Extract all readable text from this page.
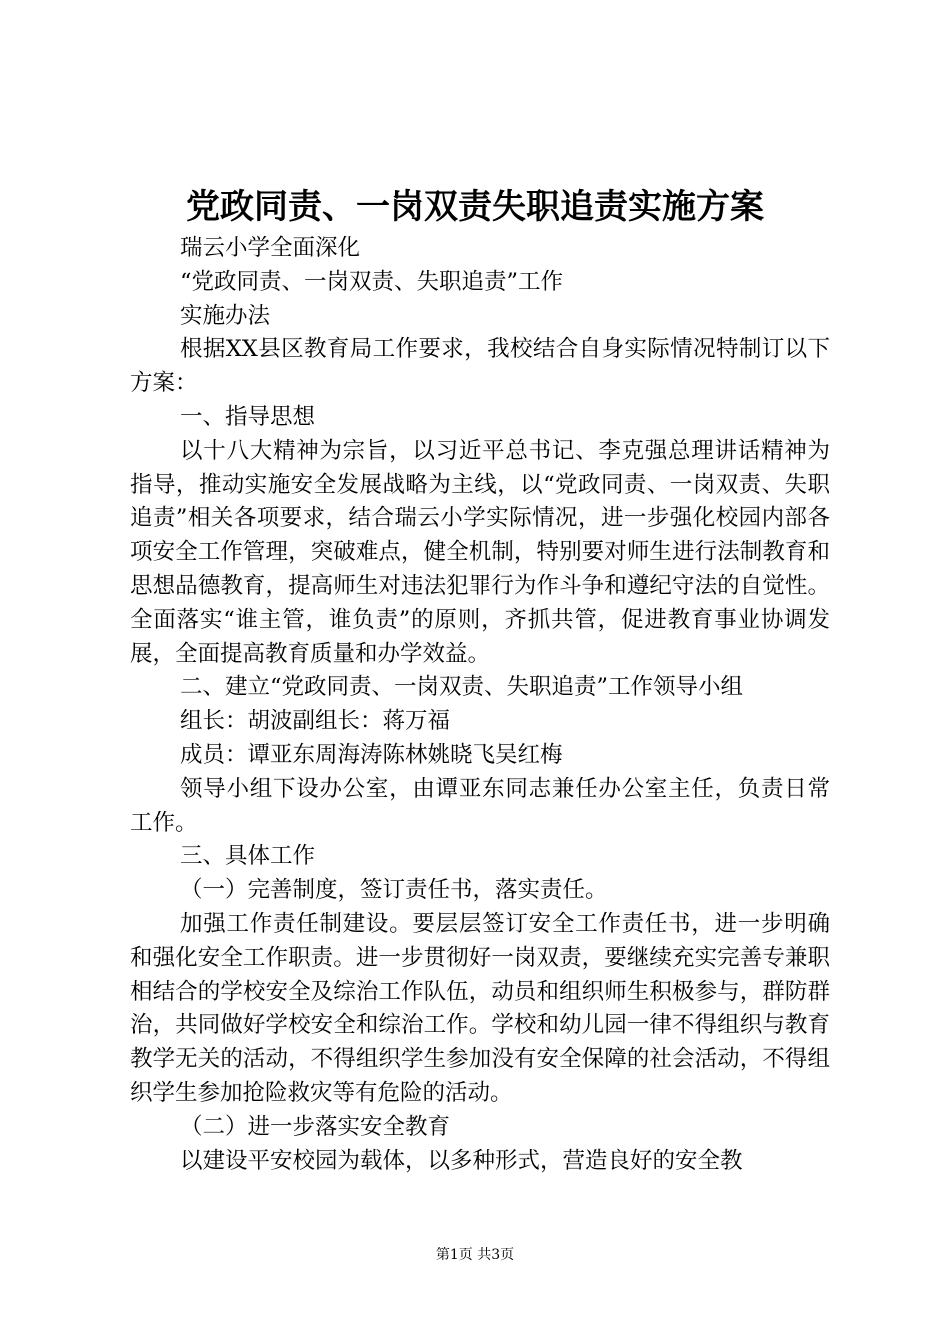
党政同责、一岗双责失职追责实施方案

瑞云小学全面深化

“党政同责、一岗双责、失职追责”工作

实施办法

根据XX县区教育局工作要求，我校结合自身实际情况特制订以下方案：

一、指导思想

以十八大精神为宗旨，以习近平总书记、李克强总理讲话精神为指导，推动实施安全发展战略为主线，以“党政同责、一岗双责、失职追责”相关各项要求，结合瑞云小学实际情况，进一步强化校园内部各项安全工作管理，突破难点，健全机制，特别要对师生进行法制教育和思想品德教育，提高师生对违法犯罪行为作斗争和遵纪守法的自觉性。全面落实“谁主管，谁负责”的原则，齐抓共管，促进教育事业协调发展，全面提高教育质量和办学效益。

二、建立“党政同责、一岗双责、失职追责”工作领导小组

组长：胡波副组长：蒋万福

成员：谭亚东周海涛陈林姚晓飞吴红梅

领导小组下设办公室，由谭亚东同志兼任办公室主任，负责日常工作。

三、具体工作

（一）完善制度，签订责任书，落实责任。

加强工作责任制建设。要层层签订安全工作责任书，进一步明确和强化安全工作职责。进一步贯彻好一岗双责，要继续充实完善专兼职相结合的学校安全及综治工作队伍，动员和组织师生积极参与，群防群治，共同做好学校安全和综治工作。学校和幼儿园一律不得组织与教育教学无关的活动，不得组织学生参加没有安全保障的社会活动，不得组织学生参加抢险救灾等有危险的活动。

（二）进一步落实安全教育

以建设平安校园为载体，以多种形式，营造良好的安全教

第1页 共3页
